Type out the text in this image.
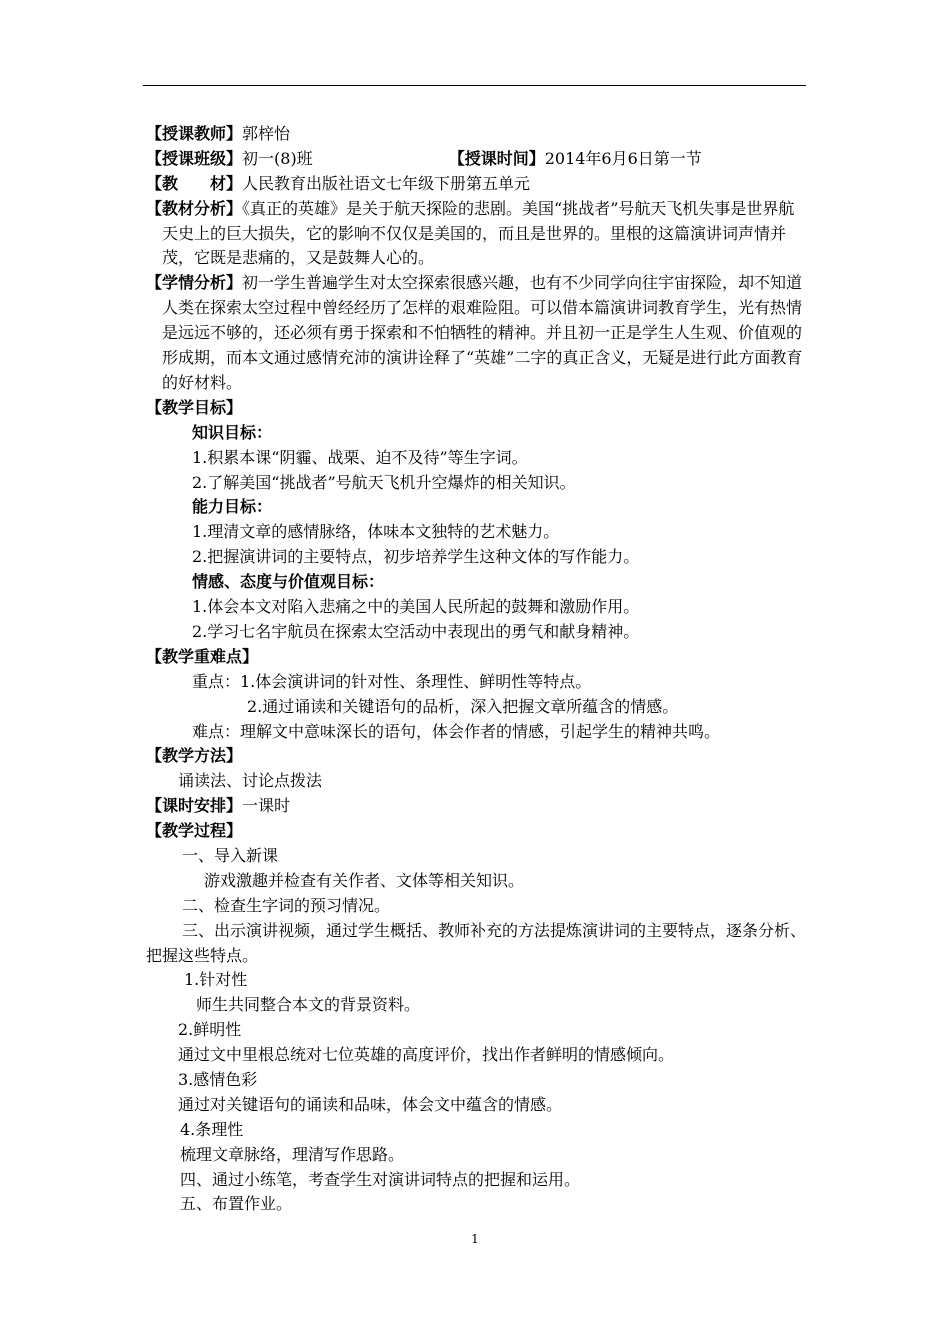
【授课教师】郭梓怡
【授课班级】初一(8)班	【授课时间】2014年6月6日第一节
【教　　材】人民教育出版社语文七年级下册第五单元
【教材分析】《真正的英雄》是关于航天探险的悲剧。美国“挑战者”号航天飞机失事是世界航天史上的巨大损失，它的影响不仅仅是美国的，而且是世界的。里根的这篇演讲词声情并茂，它既是悲痛的，又是鼓舞人心的。
【学情分析】初一学生普遍学生对太空探索很感兴趣，也有不少同学向往宇宙探险，却不知道人类在探索太空过程中曾经经历了怎样的艰难险阻。可以借本篇演讲词教育学生，光有热情是远远不够的，还必须有勇于探索和不怕牺牲的精神。并且初一正是学生人生观、价值观的形成期，而本文通过感情充沛的演讲诠释了“英雄”二字的真正含义，无疑是进行此方面教育的好材料。
【教学目标】
知识目标：
1.积累本课“阴霾、战栗、迫不及待”等生字词。
2.了解美国“挑战者”号航天飞机升空爆炸的相关知识。
能力目标：
1.理清文章的感情脉络，体味本文独特的艺术魅力。
2.把握演讲词的主要特点，初步培养学生这种文体的写作能力。
情感、态度与价值观目标：
1.体会本文对陷入悲痛之中的美国人民所起的鼓舞和激励作用。
2.学习七名宇航员在探索太空活动中表现出的勇气和献身精神。
【教学重难点】
重点：1.体会演讲词的针对性、条理性、鲜明性等特点。
2.通过诵读和关键语句的品析，深入把握文章所蕴含的情感。
难点：理解文中意味深长的语句，体会作者的情感，引起学生的精神共鸣。
【教学方法】
诵读法、讨论点拨法
【课时安排】一课时
【教学过程】
一、导入新课
游戏激趣并检查有关作者、文体等相关知识。
二、检查生字词的预习情况。
三、出示演讲视频，通过学生概括、教师补充的方法提炼演讲词的主要特点，逐条分析、把握这些特点。
1.针对性
师生共同整合本文的背景资料。
2.鲜明性
通过文中里根总统对七位英雄的高度评价，找出作者鲜明的情感倾向。
3.感情色彩
通过对关键语句的诵读和品味，体会文中蕴含的情感。
4.条理性
梳理文章脉络，理清写作思路。
四、通过小练笔，考查学生对演讲词特点的把握和运用。
五、布置作业。
1
